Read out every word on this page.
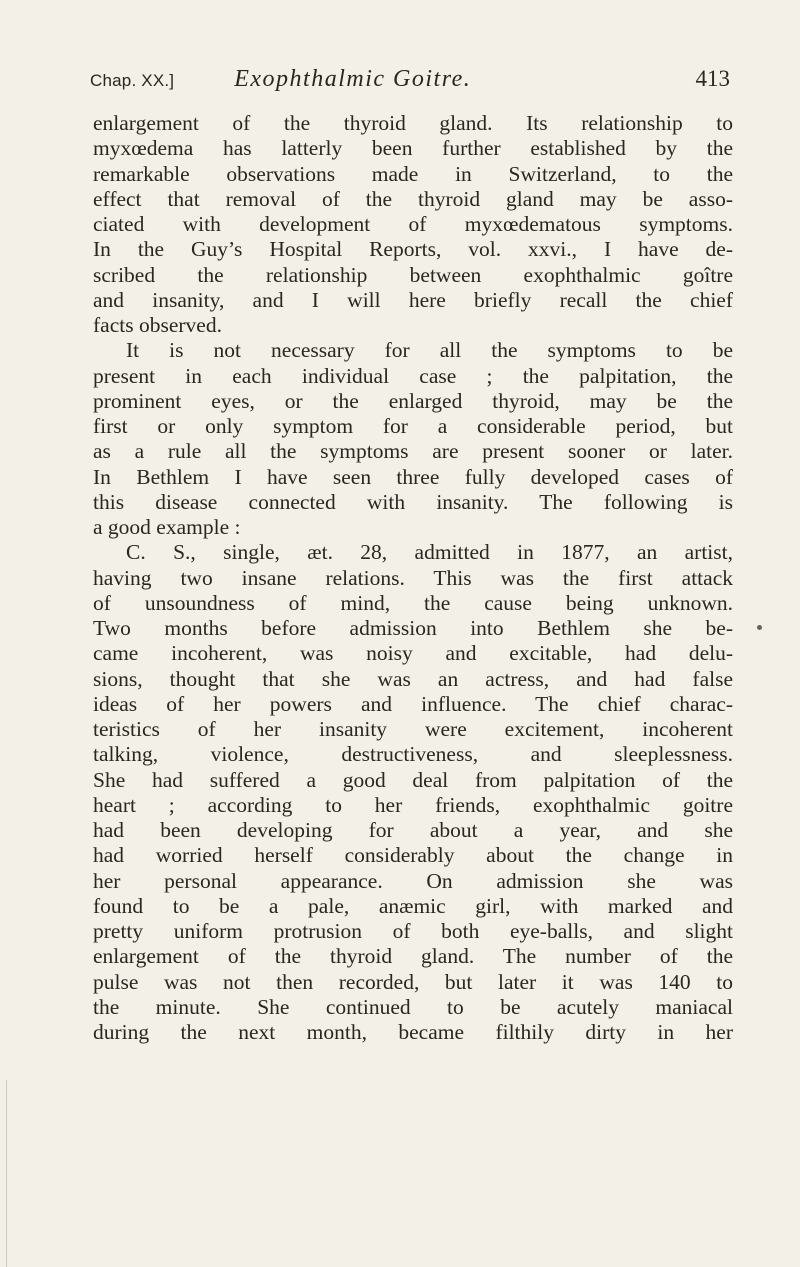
Chap. XX.]	Exophthalmic Goitre.	413
enlargement of the thyroid gland. Its relationship to
myxœdema has latterly been further established by the
remarkable observations made in Switzerland, to the
effect that removal of the thyroid gland may be asso-
ciated with development of myxœdematous symptoms.
In the Guy’s Hospital Reports, vol. xxvi., I have de-
scribed the relationship between exophthalmic goître
and insanity, and I will here briefly recall the chief
facts observed.
It is not necessary for all the symptoms to be
present in each individual case ; the palpitation, the
prominent eyes, or the enlarged thyroid, may be the
first or only symptom for a considerable period, but
as a rule all the symptoms are present sooner or later.
In Bethlem I have seen three fully developed cases of
this disease connected with insanity. The following is
a good example :
C. S., single, æt. 28, admitted in 1877, an artist,
having two insane relations. This was the first attack
of unsoundness of mind, the cause being unknown.
Two months before admission into Bethlem she be-
came incoherent, was noisy and excitable, had delu-
sions, thought that she was an actress, and had false
ideas of her powers and influence. The chief charac-
teristics of her insanity were excitement, incoherent
talking, violence, destructiveness, and sleeplessness.
She had suffered a good deal from palpitation of the
heart ; according to her friends, exophthalmic goitre
had been developing for about a year, and she
had worried herself considerably about the change in
her personal appearance. On admission she was
found to be a pale, anæmic girl, with marked and
pretty uniform protrusion of both eye-balls, and slight
enlargement of the thyroid gland. The number of the
pulse was not then recorded, but later it was 140 to
the minute. She continued to be acutely maniacal
during the next month, became filthily dirty in her
